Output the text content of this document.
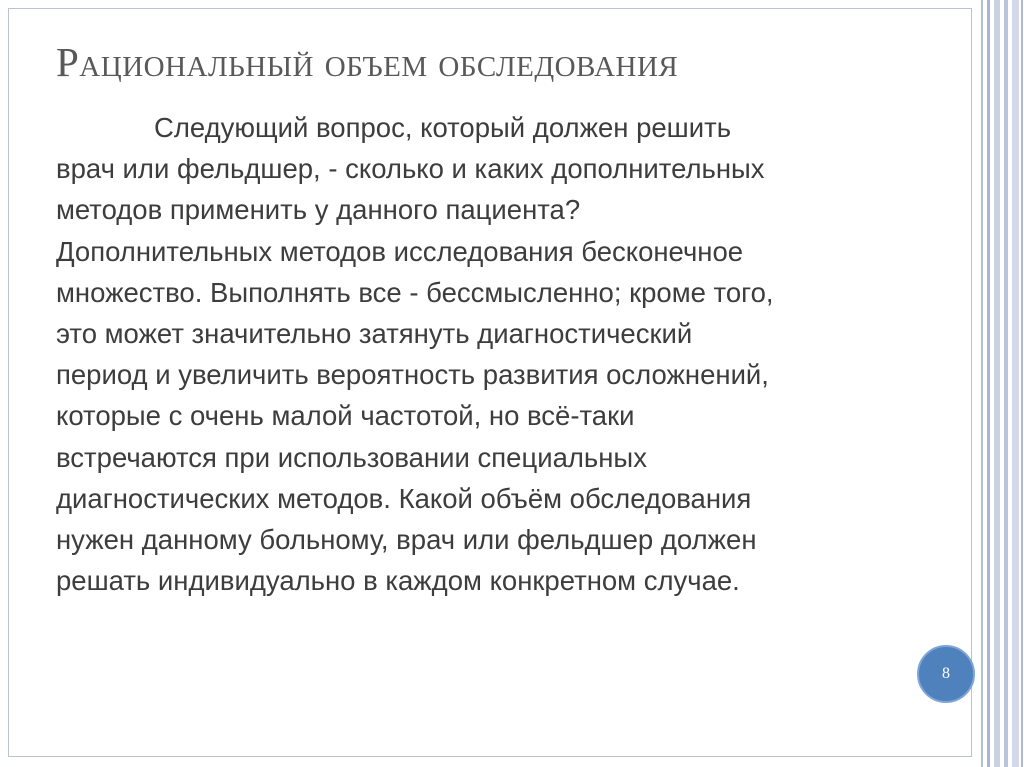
Рациональный объем обследования

Следующий вопрос, который должен решить
врач или фельдшер, - сколько и каких дополнительных
методов применить у данного пациента?
Дополнительных методов исследования бесконечное
множество. Выполнять все - бессмысленно; кроме того,
это может значительно затянуть диагностический
период и увеличить вероятность развития осложнений,
которые с очень малой частотой, но всё-таки
встречаются при использовании специальных
диагностических методов. Какой объём обследования
нужен данному больному, врач или фельдшер должен
решать индивидуально в каждом конкретном случае.

8
